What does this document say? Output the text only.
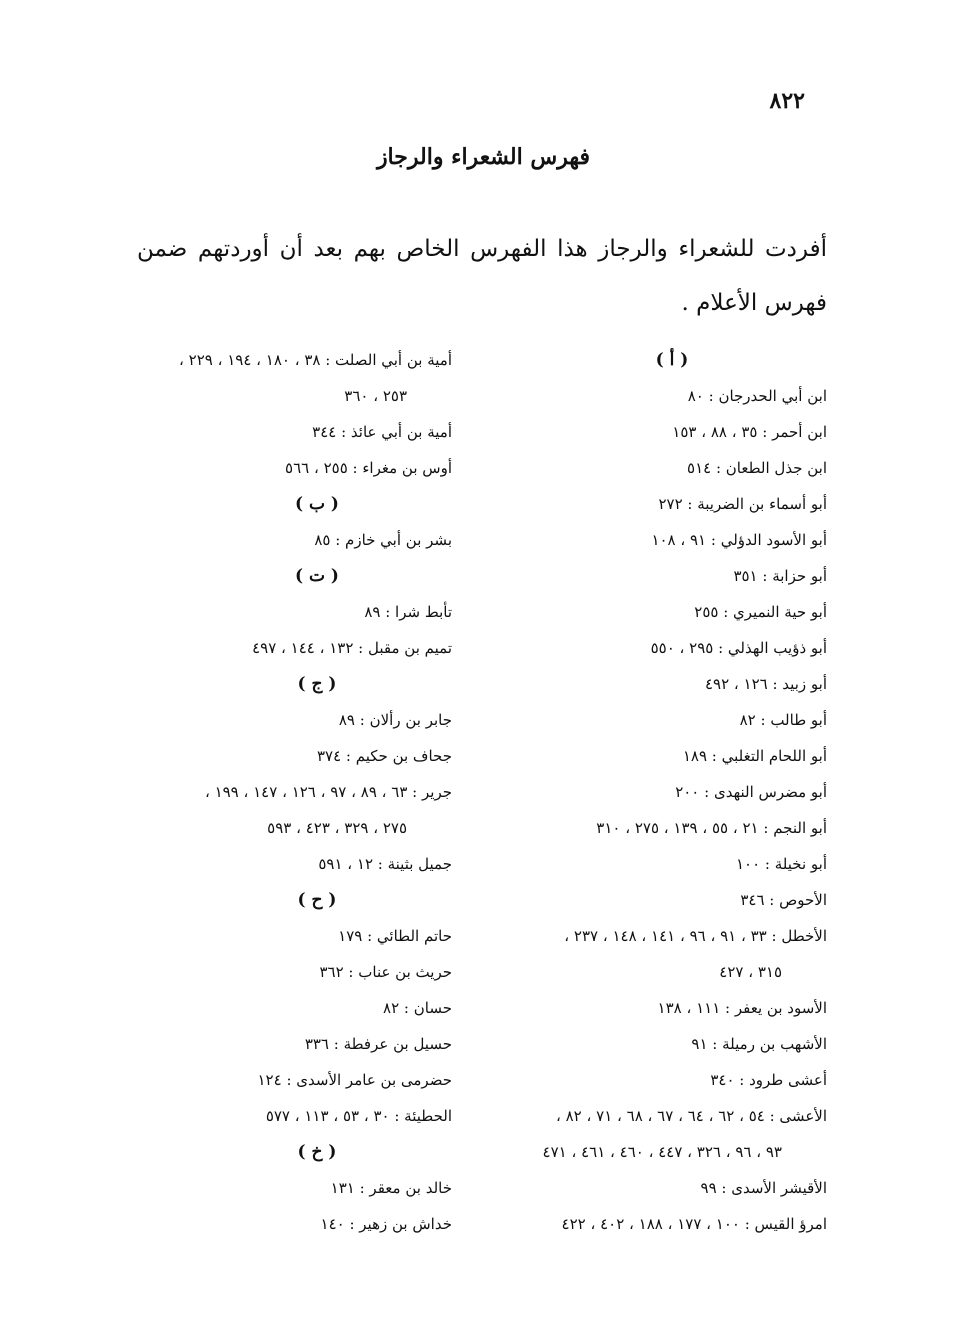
٨٢٢
فهرس الشعراء والرجاز
أفردت للشعراء والرجاز هذا الفهرس الخاص بهم بعد أن أوردتهم ضمن فهرس الأعلام .
( أ )
ابن أبي الحدرجان : ٨٠
ابن أحمر : ٣٥ ، ٨٨ ، ١٥٣
ابن جذل الطعان : ٥١٤
أبو أسماء بن الضريبة : ٢٧٢
أبو الأسود الدؤلي : ٩١ ، ١٠٨
أبو حزابة : ٣٥١
أبو حية النميري : ٢٥٥
أبو ذؤيب الهذلي : ٢٩٥ ، ٥٥٠
أبو زبيد : ١٢٦ ، ٤٩٢
أبو طالب : ٨٢
أبو اللحام التغلبي : ١٨٩
أبو مضرس النهدى : ٢٠٠
أبو النجم : ٢١ ، ٥٥ ، ١٣٩ ، ٢٧٥ ، ٣١٠
أبو نخيلة : ١٠٠
الأحوص : ٣٤٦
الأخطل : ٣٣ ، ٩١ ، ٩٦ ، ١٤١ ، ١٤٨ ، ٢٣٧ ،
٣١٥ ، ٤٢٧
الأسود بن يعفر : ١١١ ، ١٣٨
الأشهب بن رميلة : ٩١
أعشى طرود : ٣٤٠
الأعشى : ٥٤ ، ٦٢ ، ٦٤ ، ٦٧ ، ٦٨ ، ٧١ ، ٨٢ ،
٩٣ ، ٩٦ ، ٣٢٦ ، ٤٤٧ ، ٤٦٠ ، ٤٦١ ، ٤٧١
الأقيشر الأسدى : ٩٩
امرؤ القيس : ١٠٠ ، ١٧٧ ، ١٨٨ ، ٤٠٢ ، ٤٢٢
أمية بن أبي الصلت : ٣٨ ، ١٨٠ ، ١٩٤ ، ٢٢٩ ،
٢٥٣ ، ٣٦٠
أمية بن أبي عائذ : ٣٤٤
أوس بن مغراء : ٢٥٥ ، ٥٦٦
( ب )
بشر بن أبي خازم : ٨٥
( ت )
تأبط شرا : ٨٩
تميم بن مقبل : ١٣٢ ، ١٤٤ ، ٤٩٧
( ج )
جابر بن رألان : ٨٩
جحاف بن حكيم : ٣٧٤
جرير : ٦٣ ، ٨٩ ، ٩٧ ، ١٢٦ ، ١٤٧ ، ١٩٩ ،
٢٧٥ ، ٣٢٩ ، ٤٢٣ ، ٥٩٣
جميل بثينة : ١٢ ، ٥٩١
( ح )
حاتم الطائي : ١٧٩
حريث بن عناب : ٣٦٢
حسان : ٨٢
حسيل بن عرفطة : ٣٣٦
حضرمى بن عامر الأسدى : ١٢٤
الحطيئة : ٣٠ ، ٥٣ ، ١١٣ ، ٥٧٧
( خ )
خالد بن معقر : ١٣١
خداش بن زهير : ١٤٠
